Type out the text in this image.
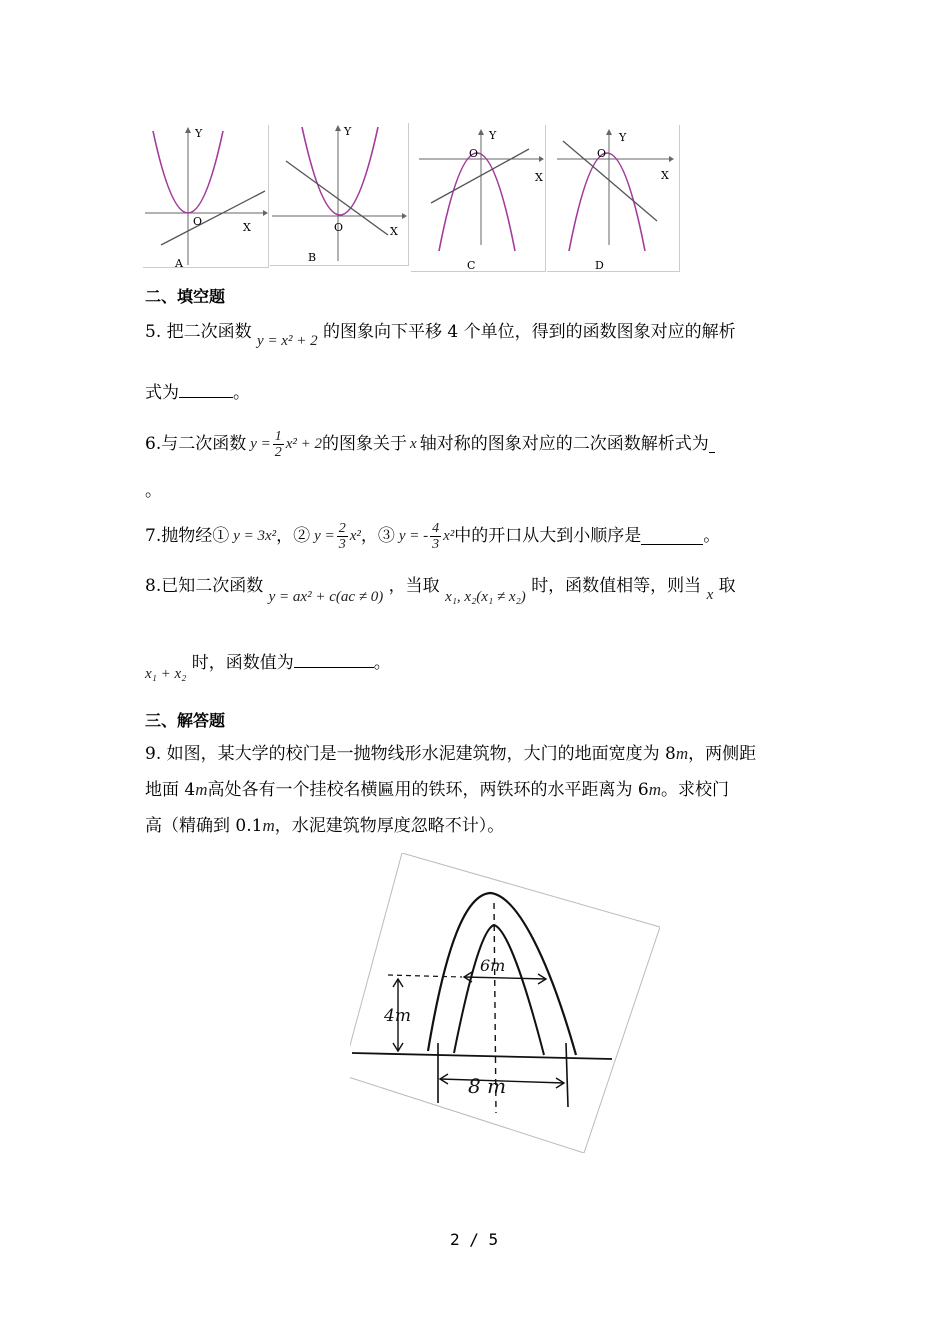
Y
X
O
A
Y
X
O
B
Y
X
O
C
Y
X
O
D
二、填空题
5. 把二次函数 y = x² + 2 的图象向下平移 4 个单位，得到的函数图象对应的解析
式为	。
6.与二次函数 $y = \frac{1}{2} x^2 + 2$ 的图象关于 x 轴对称的图象对应的二次函数解析式为
。
7.抛物经① y = 3x² ，② $y = \frac{2}{3} x^2$ ，③ y = - $\frac{4}{3} x^2$ 中的开口从大到小顺序是	。
8.已知二次函数 y = ax² + c(ac ≠ 0) ，当取 x₁, x₂(x₁ ≠ x₂) 时，函数值相等，则当 x 取
x₁ + x₂ 时，函数值为	。
三、解答题
9. 如图，某大学的校门是一抛物线形水泥建筑物，大门的地面宽度为 8m，两侧距
地面 4m高处各有一个挂校名横匾用的铁环，两铁环的水平距离为 6m。求校门
高（精确到 0.1m，水泥建筑物厚度忽略不计）。
6m
4m
8 m
2 / 5
